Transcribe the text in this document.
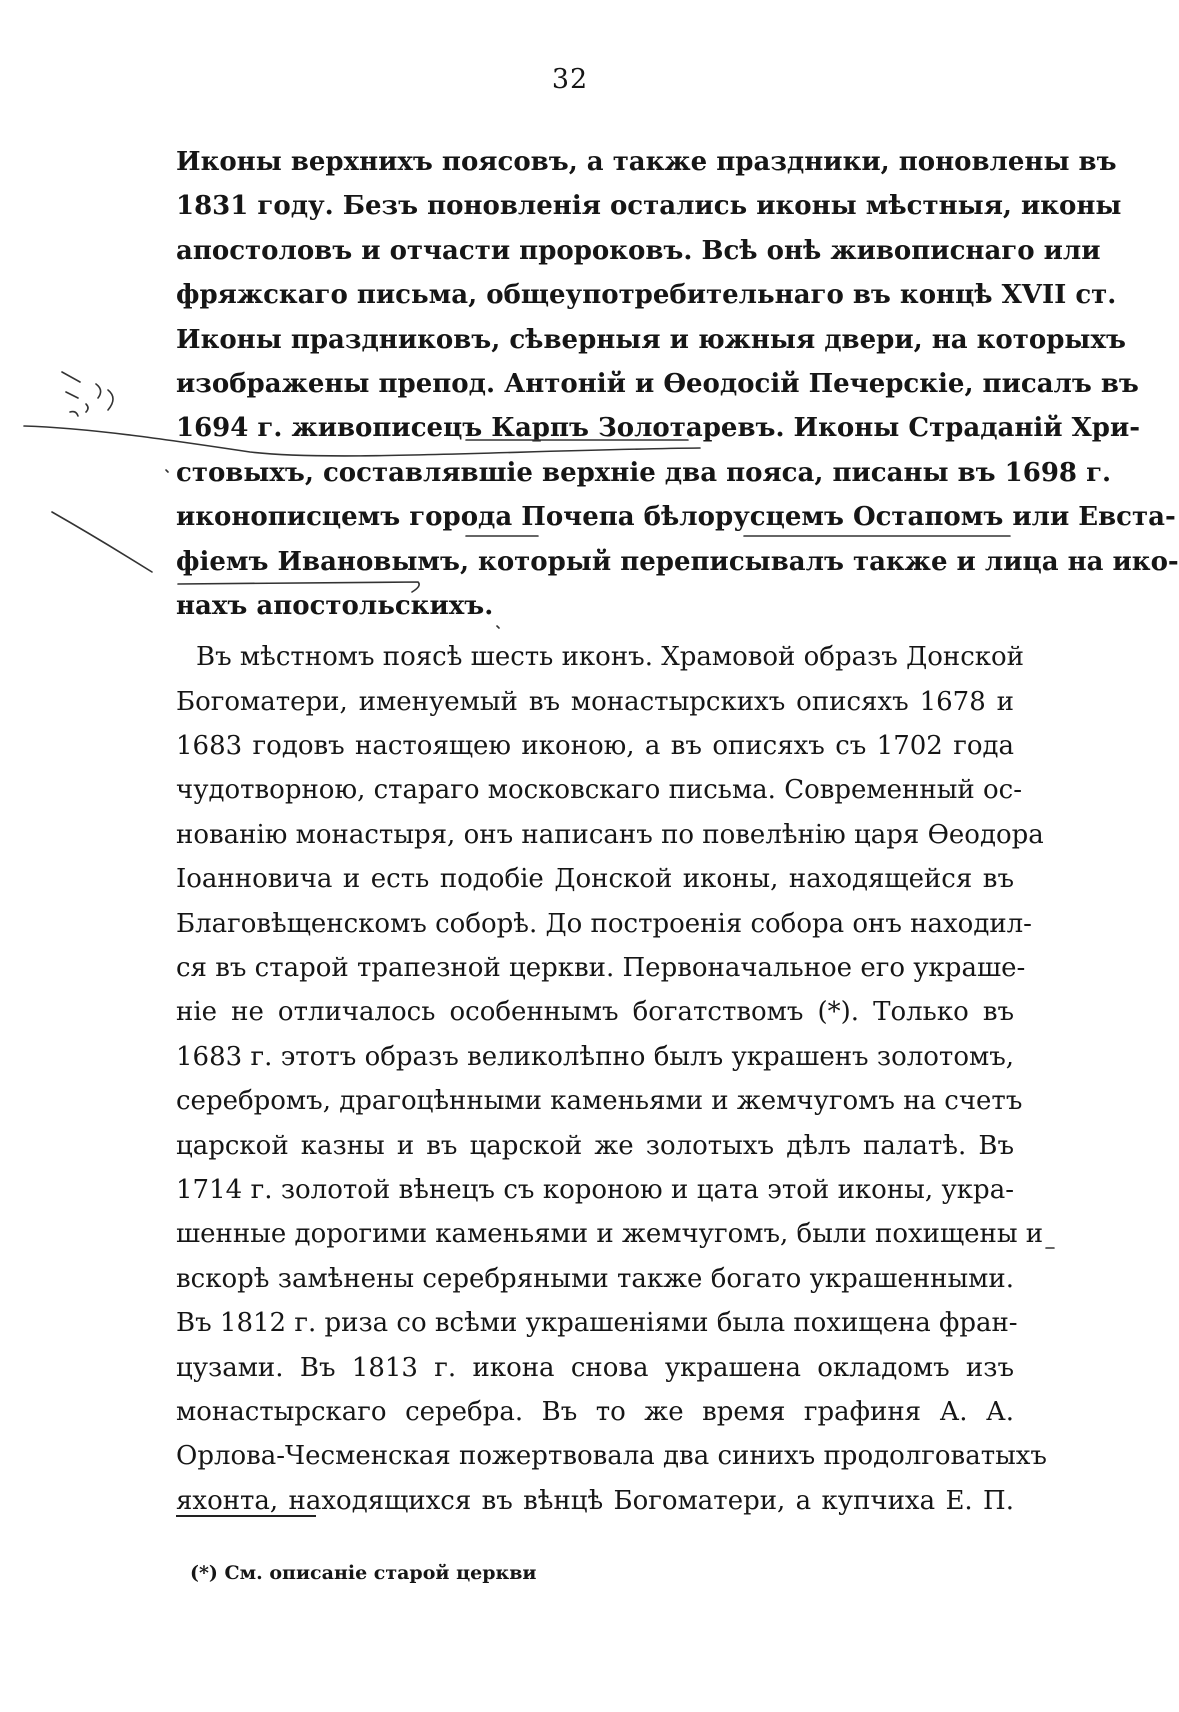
32
Иконы верхнихъ поясовъ, а также праздники, поновлены въ
1831 году. Безъ поновленія остались иконы мѣстныя, иконы
апостоловъ и отчасти пророковъ. Всѣ онѣ живописнаго или
фряжскаго письма, общеупотребительнаго въ концѣ XVII ст.
Иконы праздниковъ, сѣверныя и южныя двери, на которыхъ
изображены препод. Антоній и Ѳеодосій Печерскіе, писалъ въ
1694 г. живописецъ Карпъ Золотаревъ. Иконы Страданій Хри-
стовыхъ, составлявшіе верхніе два пояса, писаны въ 1698 г.
иконописцемъ города Почепа бѣлорусцемъ Остапомъ или Евста-
фіемъ Ивановымъ, который переписывалъ также и лица на ико-
нахъ апостольскихъ.
Въ мѣстномъ поясѣ шесть иконъ. Храмовой образъ Донской
Богоматери, именуемый въ монастырскихъ описяхъ 1678 и
1683 годовъ настоящею иконою, а въ описяхъ съ 1702 года
чудотворною, стараго московскаго письма. Современный ос-
нованію монастыря, онъ написанъ по повелѣнію царя Ѳеодора
Іоанновича и есть подобіе Донской иконы, находящейся въ
Благовѣщенскомъ соборѣ. До построенія собора онъ находил-
ся въ старой трапезной церкви. Первоначальное его украше-
ніе не отличалось особеннымъ богатствомъ (*). Только въ
1683 г. этотъ образъ великолѣпно былъ украшенъ золотомъ,
серебромъ, драгоцѣнными каменьями и жемчугомъ на счетъ
царской казны и въ царской же золотыхъ дѣлъ палатѣ. Въ
1714 г. золотой вѣнецъ съ короною и цата этой иконы, укра-
шенные дорогими каменьями и жемчугомъ, были похищены и
вскорѣ замѣнены серебряными также богато украшенными.
Въ 1812 г. риза со всѣми украшеніями была похищена фран-
цузами. Въ 1813 г. икона снова украшена окладомъ изъ
монастырскаго серебра. Въ то же время графиня А. А.
Орлова-Чесменская пожертвовала два синихъ продолговатыхъ
яхонта, находящихся въ вѣнцѣ Богоматери, а купчиха Е. П.
(*) См. описаніе старой церкви
